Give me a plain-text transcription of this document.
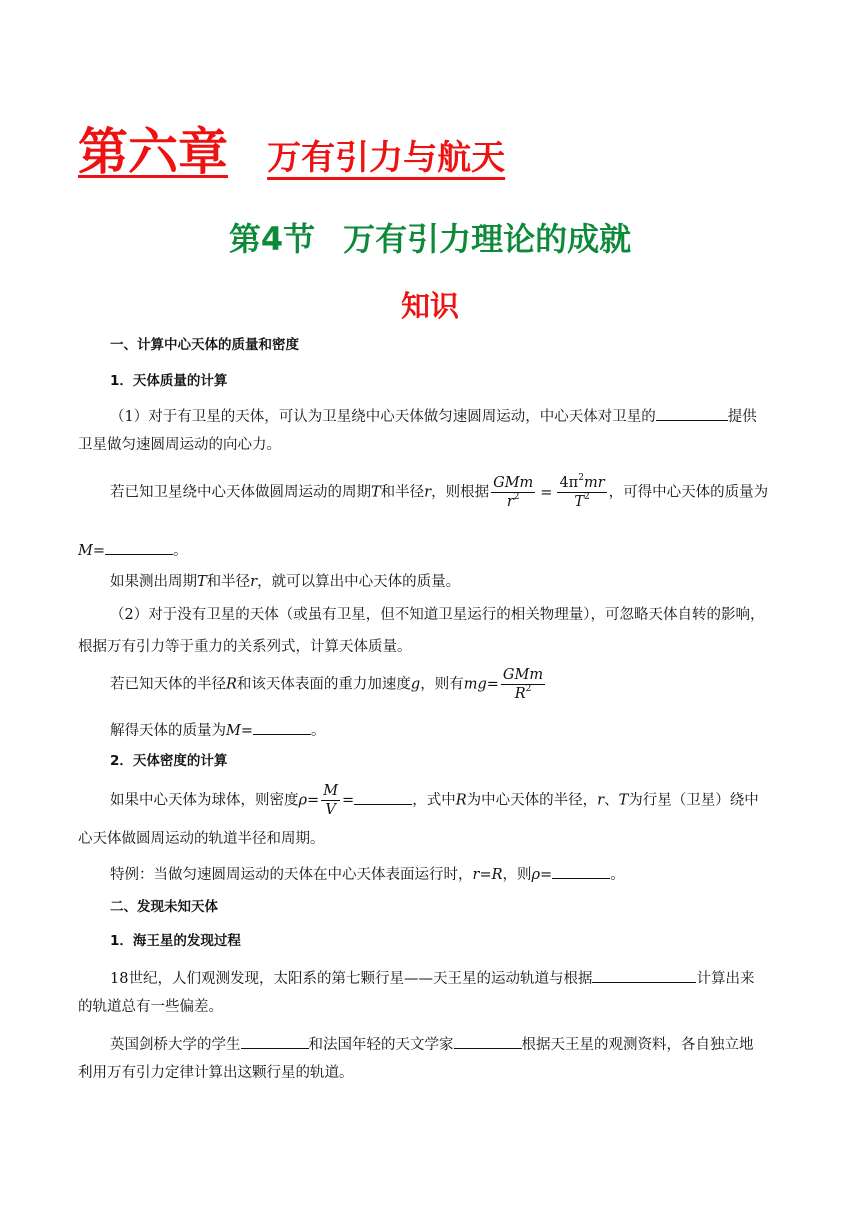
第六章 万有引力与航天
第4节 万有引力理论的成就
知识
一、计算中心天体的质量和密度
1．天体质量的计算
（1）对于有卫星的天体，可认为卫星绕中心天体做匀速圆周运动，中心天体对卫星的	提供
卫星做匀速圆周运动的向心力。
若已知卫星绕中心天体做圆周运动的周期T和半径r，则根据 $\frac{\text{GMm}}{r^2} = \frac{4\pi^2mr}{T^2}$ ，可得中心天体的质量为
M=	。
如果测出周期T和半径r，就可以算出中心天体的质量。
（2）对于没有卫星的天体（或虽有卫星，但不知道卫星运行的相关物理量），可忽略天体自转的影响，
根据万有引力等于重力的关系列式，计算天体质量。
若已知天体的半径R和该天体表面的重力加速度g，则有$mg= \frac{\text{GMm}}{R^2}$
解得天体的质量为M=	。
2．天体密度的计算
如果中心天体为球体，则密度$\rho= \frac{M}{V}$ =	，式中R为中心天体的半径，r、T为行星（卫星）绕中
心天体做圆周运动的轨道半径和周期。
特例：当做匀速圆周运动的天体在中心天体表面运行时，r=R，则ρ=	。
二、发现未知天体
1．海王星的发现过程
18世纪，人们观测发现，太阳系的第七颗行星——天王星的运动轨道与根据	计算出来
的轨道总有一些偏差。
英国剑桥大学的学生	和法国年轻的天文学家	根据天王星的观测资料，各自独立地
利用万有引力定律计算出这颗行星的轨道。
